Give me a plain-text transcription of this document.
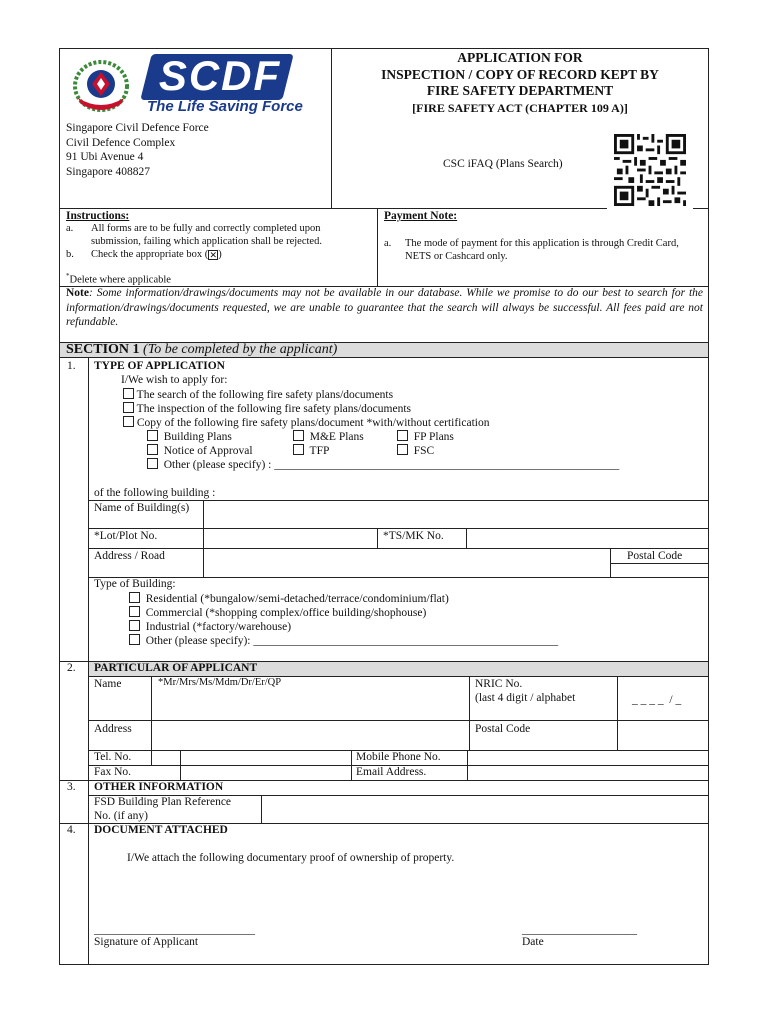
SCDF
The Life Saving Force
Singapore Civil Defence Force
Civil Defence Complex
91 Ubi Avenue 4
Singapore 408827
APPLICATION FOR
INSPECTION / COPY OF RECORD KEPT BY
FIRE SAFETY DEPARTMENT
[FIRE SAFETY ACT (CHAPTER 109 A)]
CSC iFAQ (Plans Search)
Instructions:
a. All forms are to be fully and correctly completed upon submission, failing which application shall be rejected.
b. Check the appropriate box (✕)
*Delete where applicable
Payment Note:
a. The mode of payment for this application is through Credit Card, NETS or Cashcard only.
Note: Some information/drawings/documents may not be available in our database. While we promise to do our best to search for the information/drawings/documents requested, we are unable to guarantee that the search will always be successful. All fees paid are not refundable.
SECTION 1 (To be completed by the applicant)
1. TYPE OF APPLICATION
I/We wish to apply for:
The search of the following fire safety plans/documents
The inspection of the following fire safety plans/documents
Copy of the following fire safety plans/document *with/without certification
Building Plans	M&E Plans	FP Plans
Notice of Approval	TFP	FSC
Other (please specify) : ____________________________________________________________
of the following building :
Name of Building(s)
*Lot/Plot No.	*TS/MK No.
Address / Road	Postal Code
Type of Building:
Residential (*bungalow/semi-detached/terrace/condominium/flat)
Commercial (*shopping complex/office building/shophouse)
Industrial (*factory/warehouse)
Other (please specify): _____________________________________________________
2. PARTICULAR OF APPLICANT
Name	*Mr/Mrs/Ms/Mdm/Dr/Er/QP	NRIC No.
(last 4 digit / alphabet	_ _ _ _  / _
Address	Postal Code
Tel. No.	Mobile Phone No.
Fax No.	Email Address.
3. OTHER INFORMATION
FSD Building Plan Reference
No. (if any)
4. DOCUMENT ATTACHED
I/We attach the following documentary proof of ownership of property.
____________________________
Signature of Applicant
____________________
Date
